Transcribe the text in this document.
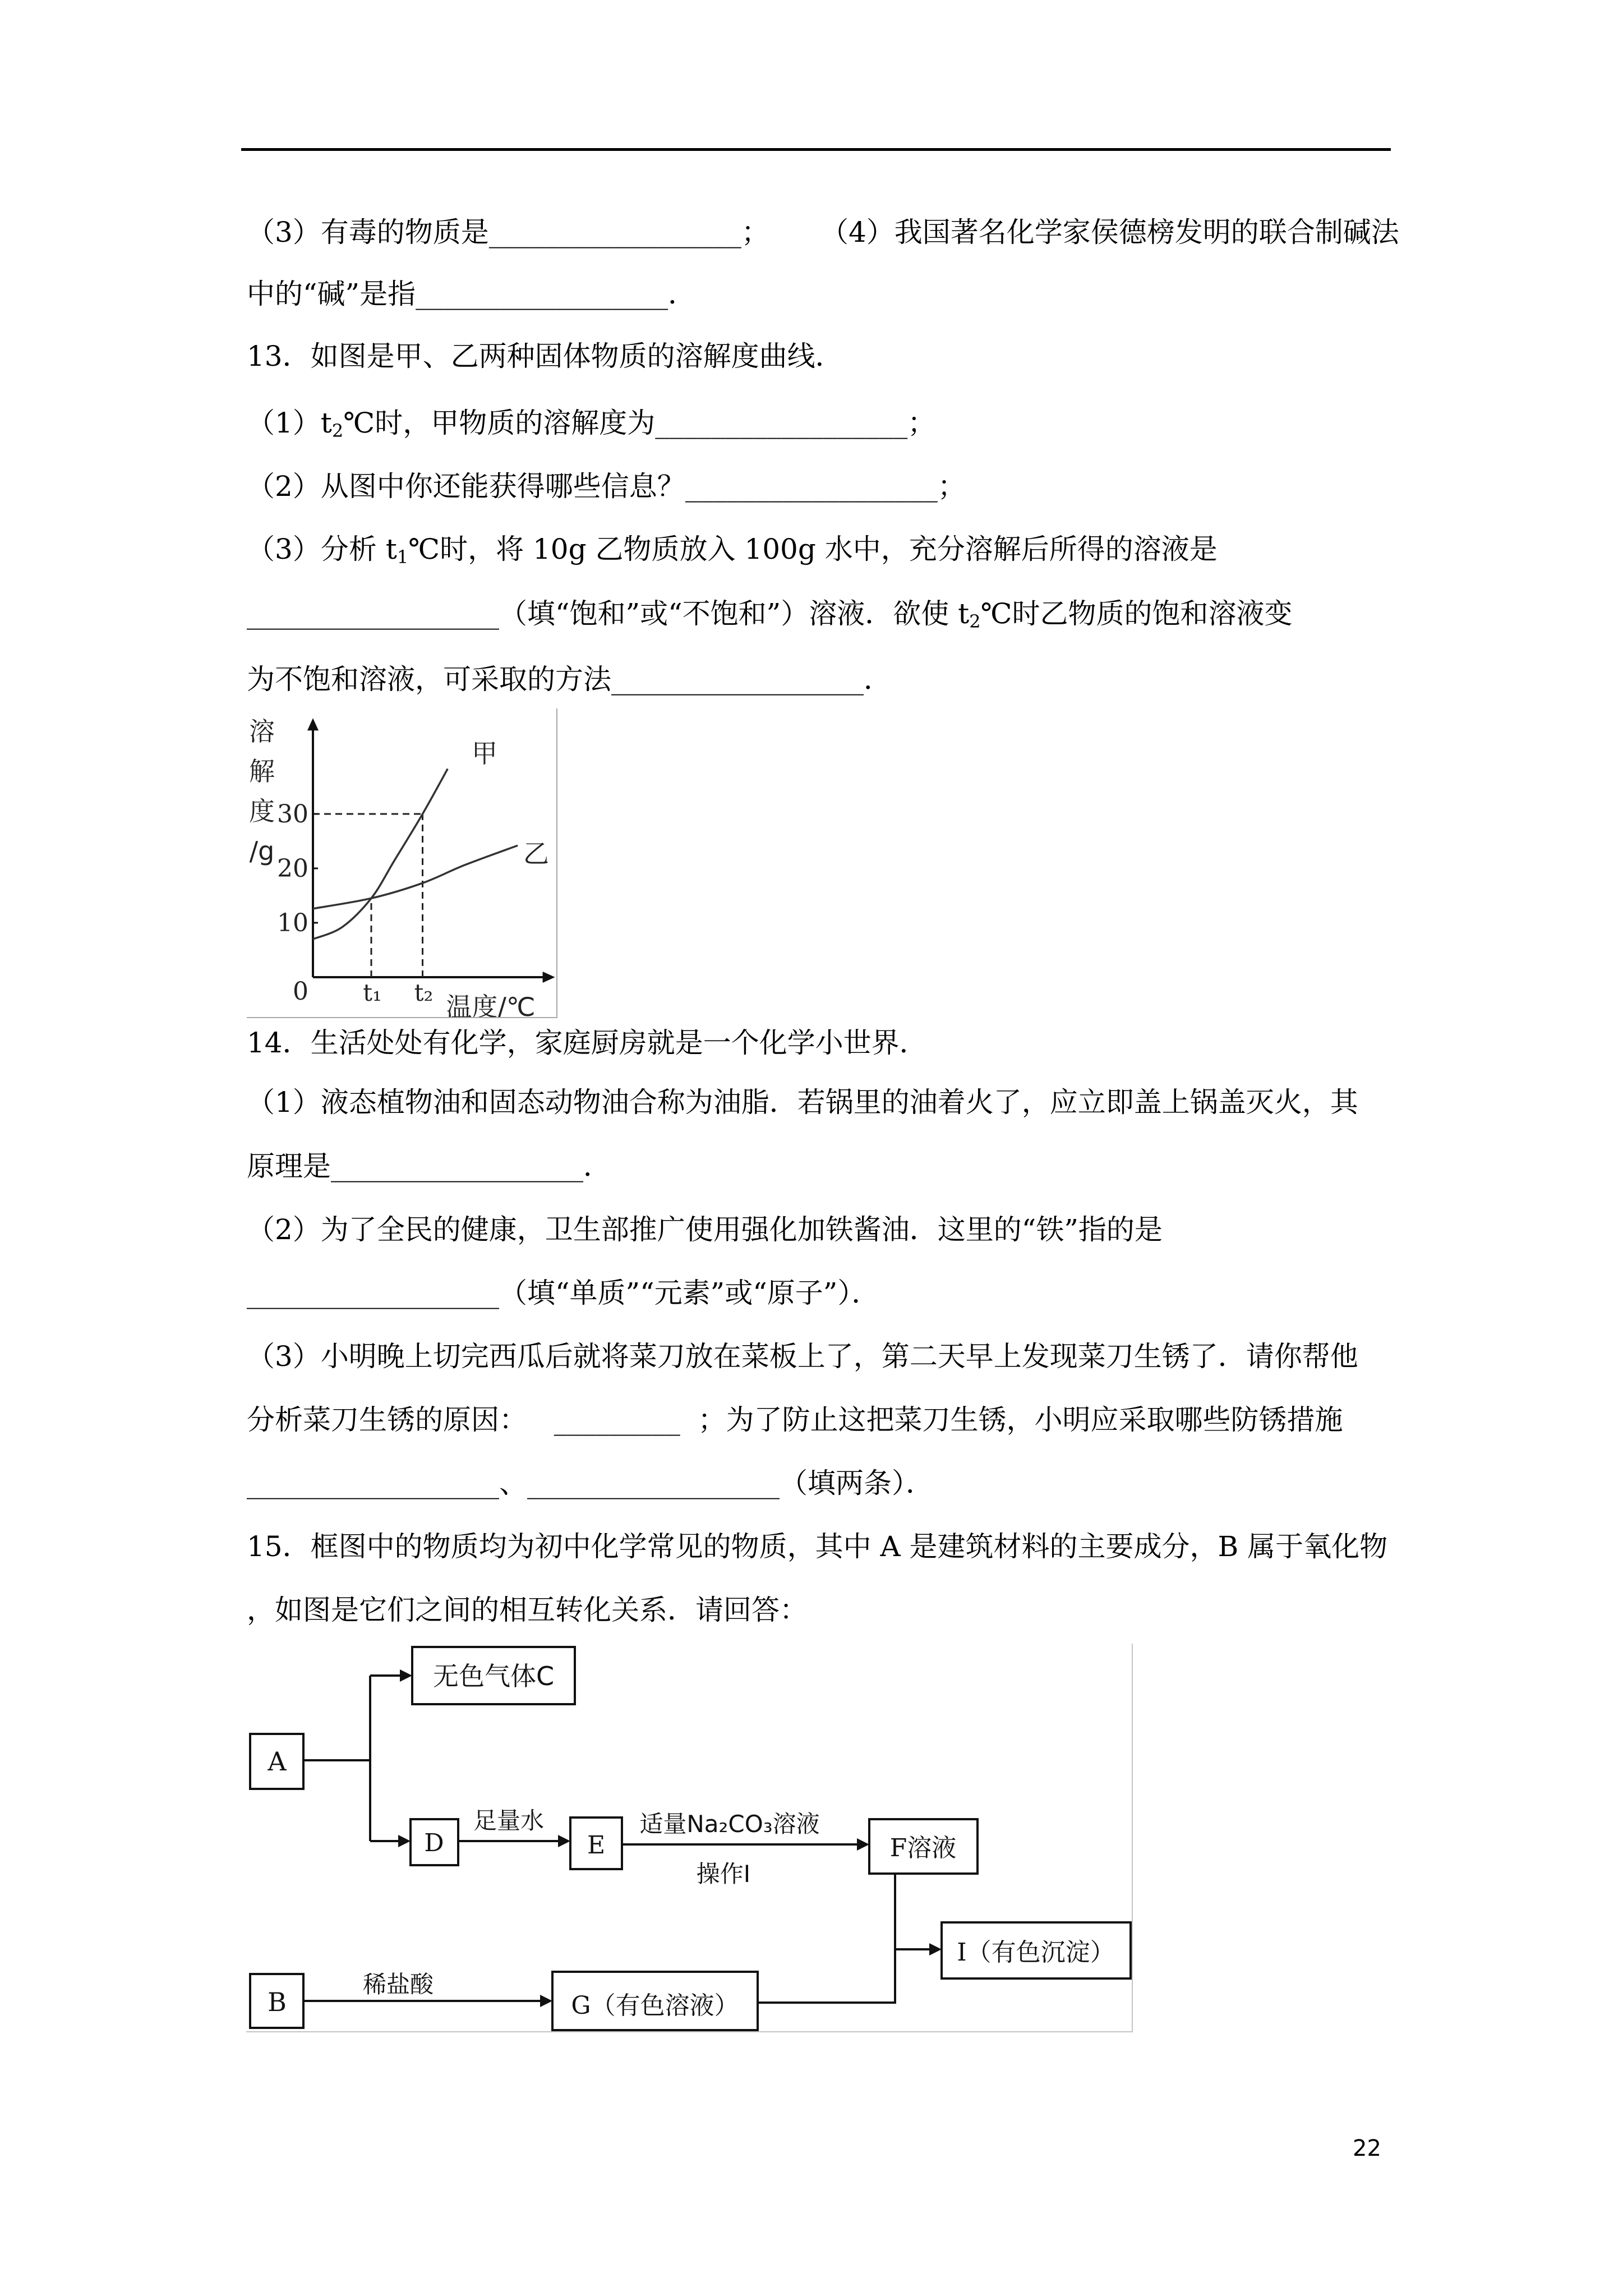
（3）有毒的物质是__________________； （4）我国著名化学家侯德榜发明的联合制碱法
中的“碱”是指__________________．
13．如图是甲、乙两种固体物质的溶解度曲线．
$(1)t_2℃$时，甲物质的溶解度为__________________；
（2）从图中你还能获得哪些信息？__________________；
（3）分析 $t_1℃$时，将 10g 乙物质放入 100g 水中，充分溶解后所得的溶液是
__________________（填“饱和”或“不饱和”）溶液．欲使 $t_2℃$时乙物质的饱和溶液变
为不饱和溶液，可采取的方法__________________．
10
20
30
0 t₁ t₂
溶
解
度
/g
温度/℃
甲
乙
14．生活处处有化学，家庭厨房就是一个化学小世界．
（1）液态植物油和固态动物油合称为油脂．若锅里的油着火了，应立即盖上锅盖灭火，其
原理是__________________．
（2）为了全民的健康，卫生部推广使用强化加铁酱油．这里的“铁”指的是
__________________（填“单质”“元素”或“原子”）．
（3）小明晚上切完西瓜后就将菜刀放在菜板上了，第二天早上发现菜刀生锈了．请你帮他
分析菜刀生锈的原因：   _________  ；为了防止这把菜刀生锈，小明应采取哪些防锈措施
__________________、__________________（填两条）．
15．框图中的物质均为初中化学常见的物质，其中 A 是建筑材料的主要成分，B 属于氧化物
，如图是它们之间的相互转化关系．请回答：
A
无色气体C
D	E	F溶液
I（有色沉淀）
B	G（有色溶液）
足量水	适量Na₂CO₃溶液
操作Ⅰ
稀盐酸
22
